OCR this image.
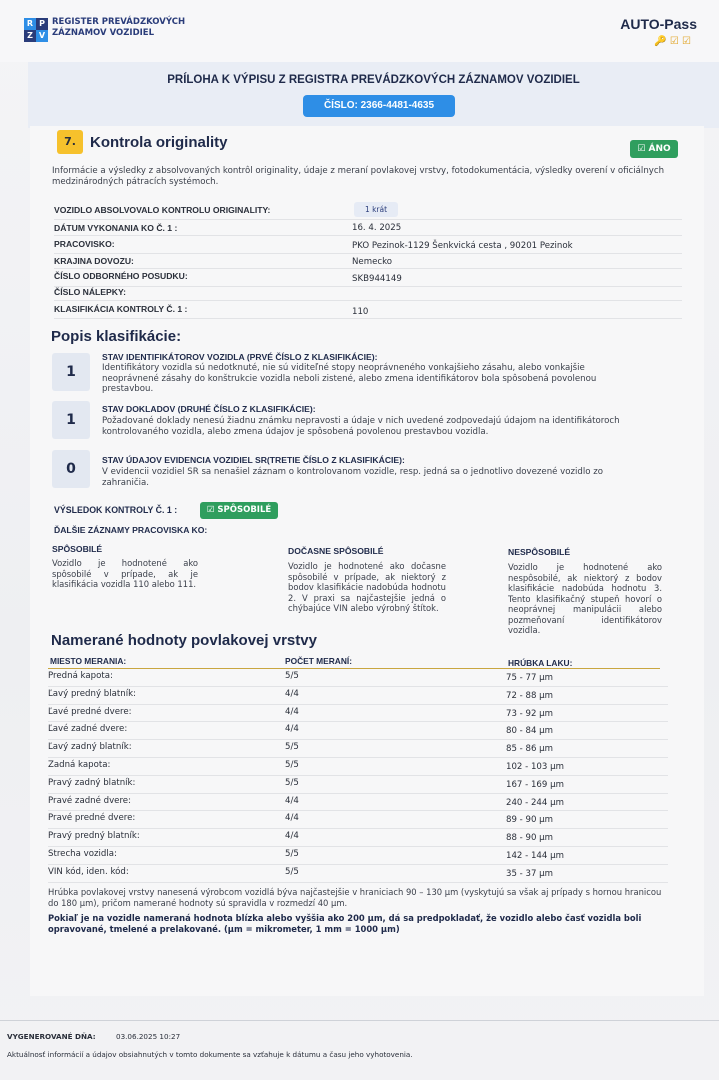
R P
Z V
REGISTER PREVÁDZKOVÝCH
ZÁZNAMOV VOZIDIEL
AUTO-Pass
🔑 ☑ ☑
PRÍLOHA K VÝPISU Z REGISTRA PREVÁDZKOVÝCH ZÁZNAMOV VOZIDIEL
ČÍSLO: 2366-4481-4635
7. Kontrola originality	☑ ÁNO
Informácie a výsledky z absolvovaných kontrôl originality, údaje z meraní povlakovej vrstvy, fotodokumentácia, výsledky overení v oficiálnych medzinárodných pátracích systémoch.
VOZIDLO ABSOLVOVALO KONTROLU ORIGINALITY:	1 krát
DÁTUM VYKONANIA KO Č. 1 :	16. 4. 2025
PRACOVISKO:	PKO Pezinok-1129 Šenkvická cesta , 90201 Pezinok
KRAJINA DOVOZU:	Nemecko
ČÍSLO ODBORNÉHO POSUDKU:	SKB944149
ČÍSLO NÁLEPKY:
KLASIFIKÁCIA KONTROLY Č. 1 :	110
Popis klasifikácie:
1
STAV IDENTIFIKÁTOROV VOZIDLA (PRVÉ ČÍSLO Z KLASIFIKÁCIE):
Identifikátory vozidla sú nedotknuté, nie sú viditeľné stopy neoprávneného vonkajšieho zásahu, alebo vonkajšie neoprávnené zásahy do konštrukcie vozidla neboli zistené, alebo zmena identifikátorov bola spôsobená povolenou prestavbou.
1
STAV DOKLADOV (DRUHÉ ČÍSLO Z KLASIFIKÁCIE):
Požadované doklady nenesú žiadnu známku nepravosti a údaje v nich uvedené zodpovedajú údajom na identifikátoroch kontrolovaného vozidla, alebo zmena údajov je spôsobená povolenou prestavbou vozidla.
0
STAV ÚDAJOV EVIDENCIA VOZIDIEL SR(TRETIE ČÍSLO Z KLASIFIKÁCIE):
V evidencii vozidiel SR sa nenašiel záznam o kontrolovanom vozidle, resp. jedná sa o jednotlivo dovezené vozidlo zo zahraničia.
VÝSLEDOK KONTROLY Č. 1 :	☑ SPÔSOBILÉ
ĎALŠIE ZÁZNAMY PRACOVISKA KO:
SPÔSOBILÉ
Vozidlo je hodnotené ako spôsobilé v prípade, ak je klasifikácia vozidla 110 alebo 111.
DOČASNE SPÔSOBILÉ
Vozidlo je hodnotené ako dočasne spôsobilé v prípade, ak niektorý z bodov klasifikácie nadobúda hodnotu 2. V praxi sa najčastejšie jedná o chýbajúce VIN alebo výrobný štítok.
NESPÔSOBILÉ
Vozidlo je hodnotené ako nespôsobilé, ak niektorý z bodov klasifikácie nadobúda hodnotu 3. Tento klasifikačný stupeň hovorí o neoprávnej manipulácii alebo pozmeňovaní identifikátorov vozidla.
Namerané hodnoty povlakovej vrstvy
MIESTO MERANIA:	POČET MERANÍ:	HRÚBKA LAKU:
Predná kapota:	5/5	75 - 77 µm
Ľavý predný blatník:	4/4	72 - 88 µm
Ľavé predné dvere:	4/4	73 - 92 µm
Ľavé zadné dvere:	4/4	80 - 84 µm
Ľavý zadný blatník:	5/5	85 - 86 µm
Zadná kapota:	5/5	102 - 103 µm
Pravý zadný blatník:	5/5	167 - 169 µm
Pravé zadné dvere:	4/4	240 - 244 µm
Pravé predné dvere:	4/4	89 - 90 µm
Pravý predný blatník:	4/4	88 - 90 µm
Strecha vozidla:	5/5	142 - 144 µm
VIN kód, iden. kód:	5/5	35 - 37 µm
Hrúbka povlakovej vrstvy nanesená výrobcom vozidlá býva najčastejšie v hraniciach 90 – 130 µm (vyskytujú sa však aj prípady s hornou hranicou do 180 µm), pričom namerané hodnoty sú spravidla v rozmedzí 40 µm.
Pokiaľ je na vozidle nameraná hodnota blízka alebo vyššia ako 200 µm, dá sa predpokladať, že vozidlo alebo časť vozidla boli opravované, tmelené a prelakované. (µm = mikrometer, 1 mm = 1000 µm)
VYGENEROVANÉ DŇA:	03.06.2025 10:27
Aktuálnosť informácií a údajov obsiahnutých v tomto dokumente sa vzťahuje k dátumu a času jeho vyhotovenia.
